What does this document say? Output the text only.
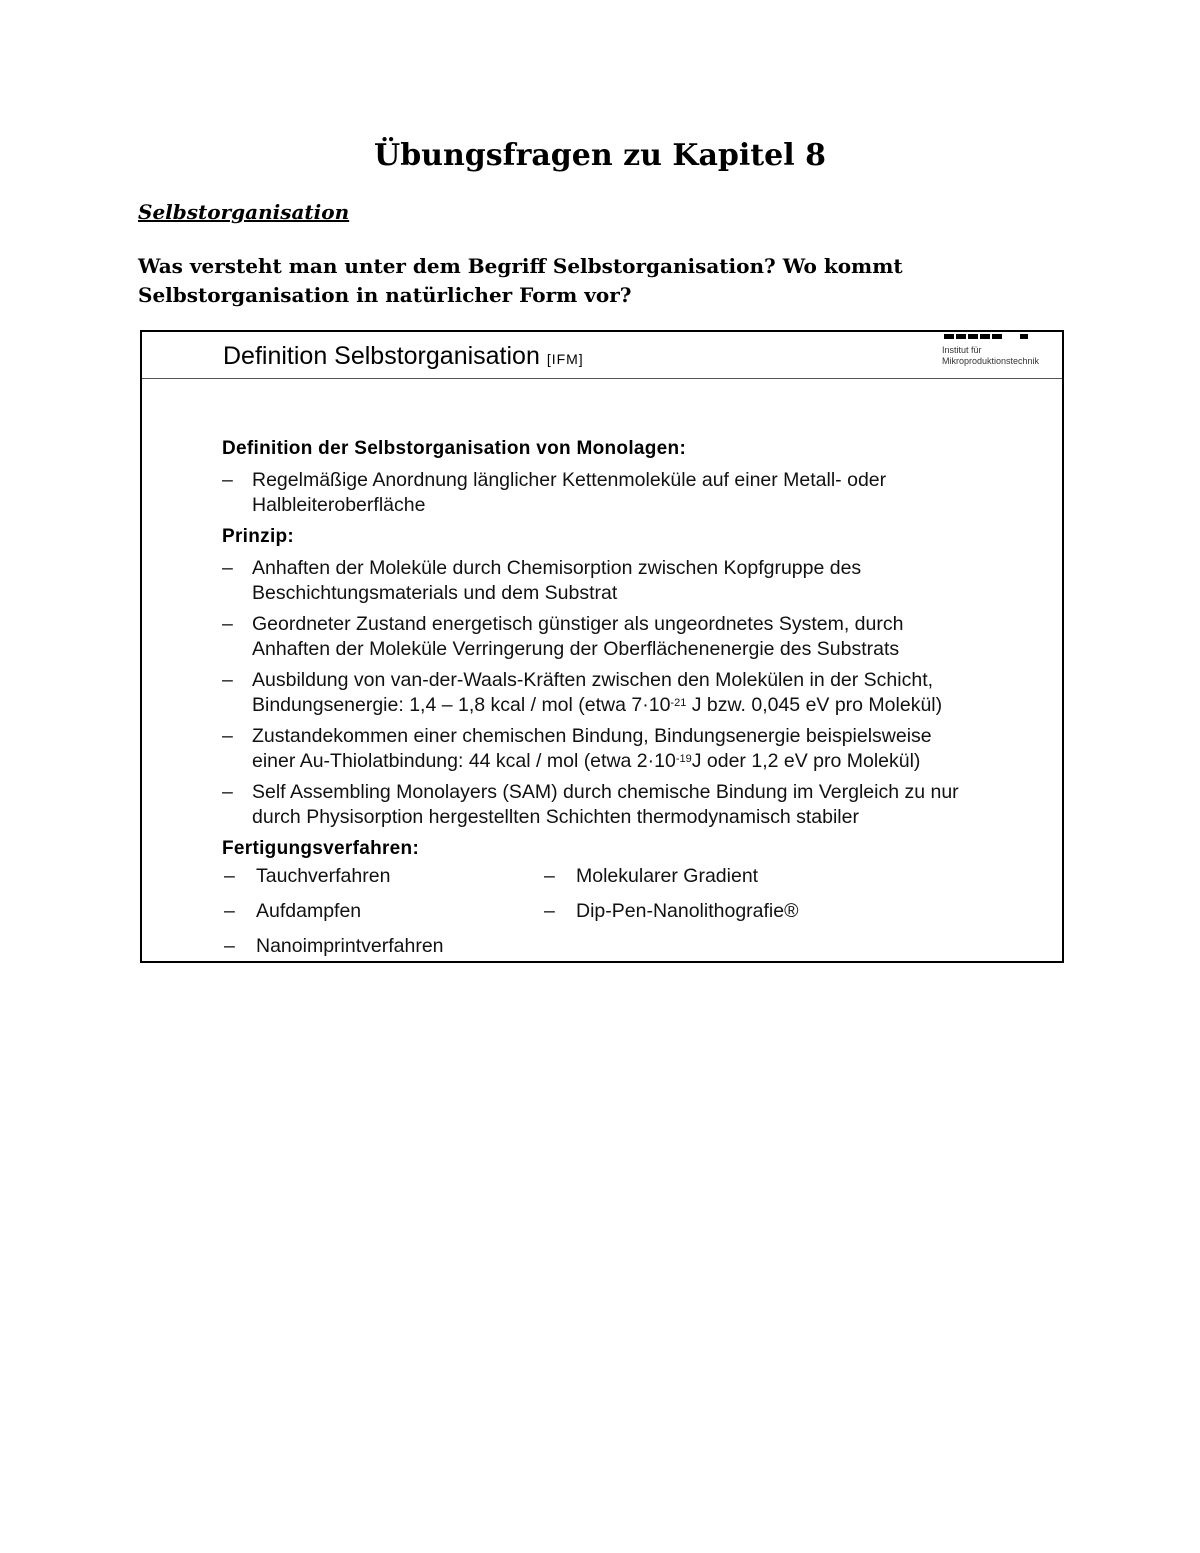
Übungsfragen zu Kapitel 8
Selbstorganisation

Was versteht man unter dem Begriff Selbstorganisation? Wo kommt
Selbstorganisation in natürlicher Form vor?

Definition Selbstorganisation [IFM]
Institut für
Mikroproduktionstechnik

Definition der Selbstorganisation von Monolagen:

– Regelmäßige Anordnung länglicher Kettenmoleküle auf einer Metall- oder
Halbleiteroberfläche

Prinzip:

– Anhaften der Moleküle durch Chemisorption zwischen Kopfgruppe des
Beschichtungsmaterials und dem Substrat
– Geordneter Zustand energetisch günstiger als ungeordnetes System, durch
Anhaften der Moleküle Verringerung der Oberflächenenergie des Substrats
– Ausbildung von van-der-Waals-Kräften zwischen den Molekülen in der Schicht,
Bindungsenergie: 1,4 – 1,8 kcal / mol (etwa $7\cdot 10^{-21}$ J bzw. 0,045 eV pro Molekül)
– Zustandekommen einer chemischen Bindung, Bindungsenergie beispielsweise
einer Au-Thiolatbindung: 44 kcal / mol (etwa $2\cdot 10^{-19}J$ oder 1,2 eV pro Molekül)
– Self Assembling Monolayers (SAM) durch chemische Bindung im Vergleich zu nur
durch Physisorption hergestellten Schichten thermodynamisch stabiler

Fertigungsverfahren:

– Tauchverfahren	– Molekularer Gradient
– Aufdampfen	– Dip-Pen-Nanolithografie®
– Nanoimprintverfahren
